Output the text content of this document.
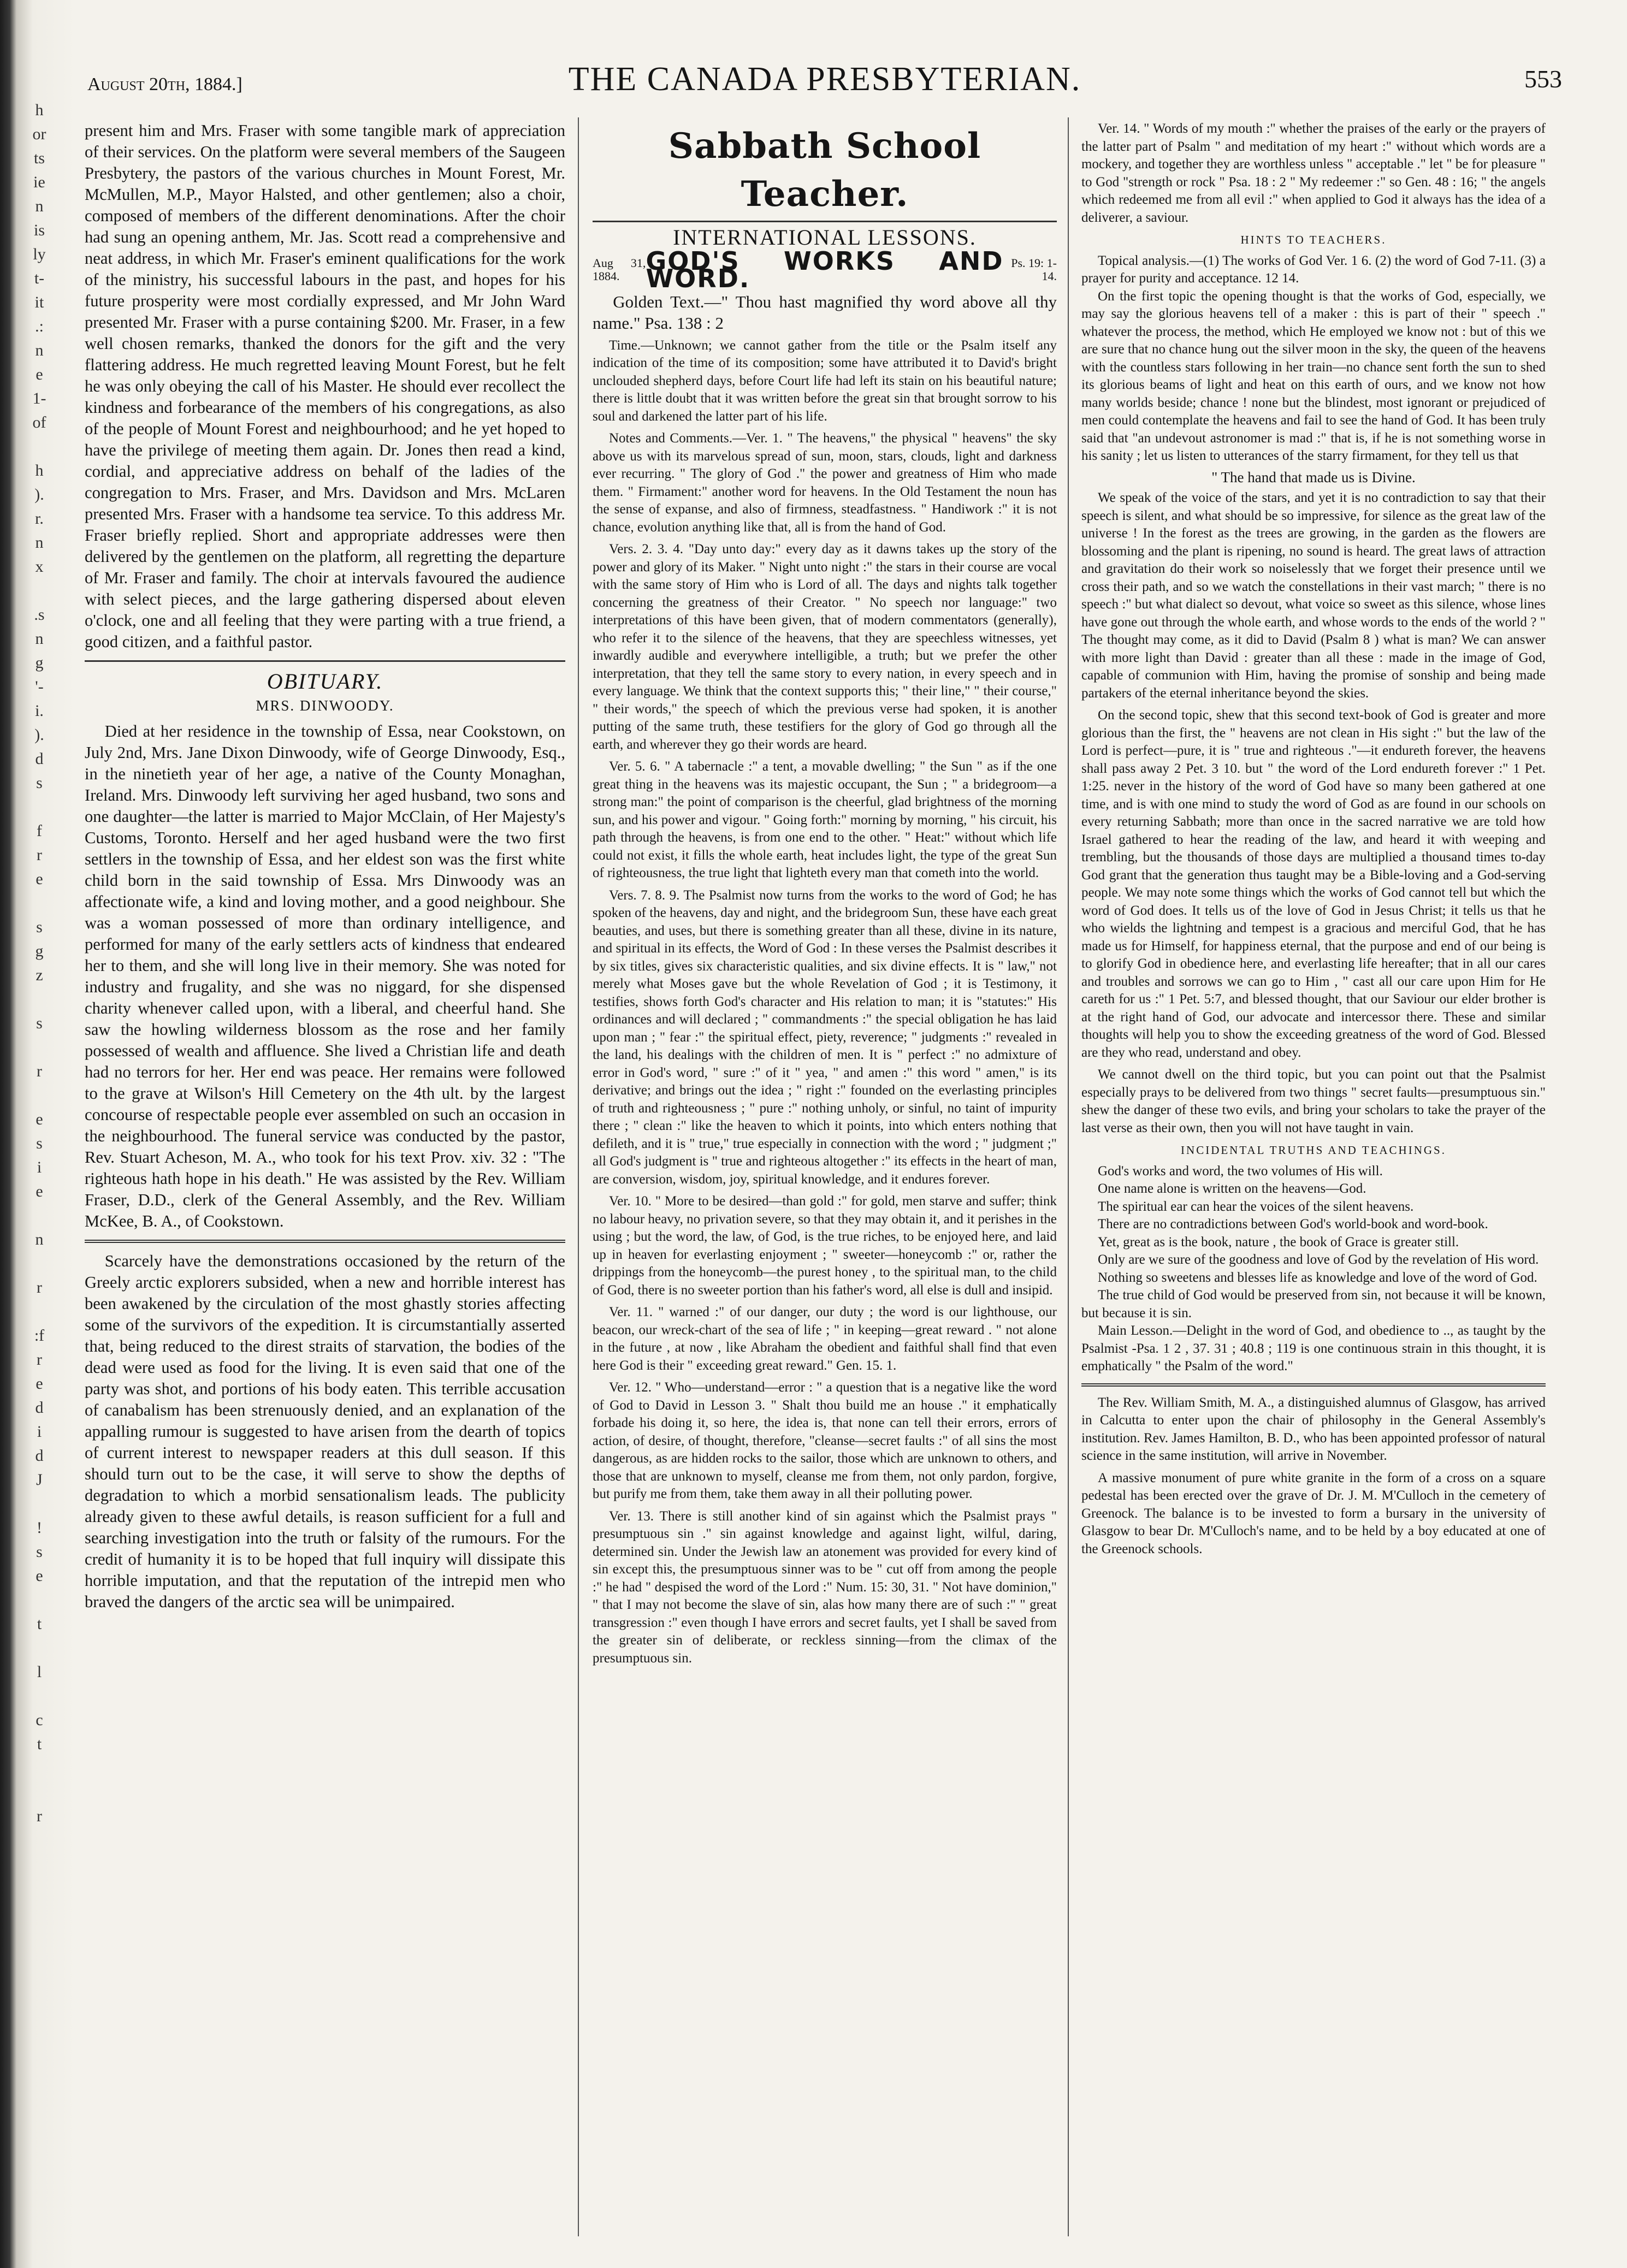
h
or
ts
ie
n
is
ly
t-
it
.:
n
e
1-
of

h
).
r.
n
x

.s
n
g
'-
i.
).
d
s

f
r
e

s
g
z

s

r

e
s
i
e

n

r

:f
r
e
d
i
d
J

!
s
e

t

l

c
t

r
August 20th, 1884.]	THE CANADA PRESBYTERIAN.	553

present him and Mrs. Fraser with some tangible mark of appreciation of their services. On the platform were several members of the Saugeen Presbytery, the pastors of the various churches in Mount Forest, Mr. McMullen, M.P., Mayor Halsted, and other gentlemen; also a choir, composed of members of the different denominations. After the choir had sung an opening anthem, Mr. Jas. Scott read a comprehensive and neat address, in which Mr. Fraser's eminent qualifications for the work of the ministry, his successful labours in the past, and hopes for his future prosperity were most cordially expressed, and Mr John Ward presented Mr. Fraser with a purse containing $200. Mr. Fraser, in a few well chosen remarks, thanked the donors for the gift and the very flattering address. He much regretted leaving Mount Forest, but he felt he was only obeying the call of his Master. He should ever recollect the kindness and forbearance of the members of his congregations, as also of the people of Mount Forest and neighbourhood; and he yet hoped to have the privilege of meeting them again. Dr. Jones then read a kind, cordial, and appreciative address on behalf of the ladies of the congregation to Mrs. Fraser, and Mrs. Davidson and Mrs. McLaren presented Mrs. Fraser with a handsome tea service. To this address Mr. Fraser briefly replied. Short and appropriate addresses were then delivered by the gentlemen on the platform, all regretting the departure of Mr. Fraser and family. The choir at intervals favoured the audience with select pieces, and the large gathering dispersed about eleven o'clock, one and all feeling that they were parting with a true friend, a good citizen, and a faithful pastor.

OBITUARY.
MRS. DINWOODY.

Died at her residence in the township of Essa, near Cookstown, on July 2nd, Mrs. Jane Dixon Dinwoody, wife of George Dinwoody, Esq., in the ninetieth year of her age, a native of the County Monaghan, Ireland. Mrs. Dinwoody left surviving her aged husband, two sons and one daughter—the latter is married to Major McClain, of Her Majesty's Customs, Toronto. Herself and her aged husband were the two first settlers in the township of Essa, and her eldest son was the first white child born in the said township of Essa. Mrs Dinwoody was an affectionate wife, a kind and loving mother, and a good neighbour. She was a woman possessed of more than ordinary intelligence, and performed for many of the early settlers acts of kindness that endeared her to them, and she will long live in their memory. She was noted for industry and frugality, and she was no niggard, for she dispensed charity whenever called upon, with a liberal, and cheerful hand. She saw the howling wilderness blossom as the rose and her family possessed of wealth and affluence. She lived a Christian life and death had no terrors for her. Her end was peace. Her remains were followed to the grave at Wilson's Hill Cemetery on the 4th ult. by the largest concourse of respectable people ever assembled on such an occasion in the neighbourhood. The funeral service was conducted by the pastor, Rev. Stuart Acheson, M. A., who took for his text Prov. xiv. 32 : "The righteous hath hope in his death." He was assisted by the Rev. William Fraser, D.D., clerk of the General Assembly, and the Rev. William McKee, B. A., of Cookstown.

Scarcely have the demonstrations occasioned by the return of the Greely arctic explorers subsided, when a new and horrible interest has been awakened by the circulation of the most ghastly stories affecting some of the survivors of the expedition. It is circumstantially asserted that, being reduced to the direst straits of starvation, the bodies of the dead were used as food for the living. It is even said that one of the party was shot, and portions of his body eaten. This terrible accusation of canabalism has been strenuously denied, and an explanation of the appalling rumour is suggested to have arisen from the dearth of topics of current interest to newspaper readers at this dull season. If this should turn out to be the case, it will serve to show the depths of degradation to which a morbid sensationalism leads. The publicity already given to these awful details, is reason sufficient for a full and searching investigation into the truth or falsity of the rumours. For the credit of humanity it is to be hoped that full inquiry will dissipate this horrible imputation, and that the reputation of the intrepid men who braved the dangers of the arctic sea will be unimpaired.

Sabbath School Teacher.
INTERNATIONAL LESSONS.
Aug 31, 1884.
GOD'S WORKS AND WORD.
Ps. 19: 1-14.

Golden Text.—" Thou hast magnified thy word above all thy name." Psa. 138 : 2

Time.—Unknown; we cannot gather from the title or the Psalm itself any indication of the time of its composition; some have attributed it to David's bright unclouded shepherd days, before Court life had left its stain on his beautiful nature; there is little doubt that it was written before the great sin that brought sorrow to his soul and darkened the latter part of his life.

Notes and Comments.—Ver. 1. " The heavens," the physical " heavens" the sky above us with its marvelous spread of sun, moon, stars, clouds, light and darkness ever recurring. " The glory of God ." the power and greatness of Him who made them. " Firmament:" another word for heavens. In the Old Testament the noun has the sense of expanse, and also of firmness, steadfastness. " Handiwork :" it is not chance, evolution anything like that, all is from the hand of God.

Vers. 2. 3. 4. "Day unto day:" every day as it dawns takes up the story of the power and glory of its Maker. " Night unto night :" the stars in their course are vocal with the same story of Him who is Lord of all. The days and nights talk together concerning the greatness of their Creator. " No speech nor language:" two interpretations of this have been given, that of modern commentators (generally), who refer it to the silence of the heavens, that they are speechless witnesses, yet inwardly audible and everywhere intelligible, a truth; but we prefer the other interpretation, that they tell the same story to every nation, in every speech and in every language. We think that the context supports this; " their line," " their course," " their words," the speech of which the previous verse had spoken, it is another putting of the same truth, these testifiers for the glory of God go through all the earth, and wherever they go their words are heard.

Ver. 5. 6. " A tabernacle :" a tent, a movable dwelling; " the Sun " as if the one great thing in the heavens was its majestic occupant, the Sun ; " a bridegroom—a strong man:" the point of comparison is the cheerful, glad brightness of the morning sun, and his power and vigour. " Going forth:" morning by morning, " his circuit, his path through the heavens, is from one end to the other. " Heat:" without which life could not exist, it fills the whole earth, heat includes light, the type of the great Sun of righteousness, the true light that lighteth every man that cometh into the world.

Vers. 7. 8. 9. The Psalmist now turns from the works to the word of God; he has spoken of the heavens, day and night, and the bridegroom Sun, these have each great beauties, and uses, but there is something greater than all these, divine in its nature, and spiritual in its effects, the Word of God : In these verses the Psalmist describes it by six titles, gives six characteristic qualities, and six divine effects. It is " law," not merely what Moses gave but the whole Revelation of God ; it is Testimony, it testifies, shows forth God's character and His relation to man; it is "statutes:" His ordinances and will declared ; " commandments :" the special obligation he has laid upon man ; " fear :" the spiritual effect, piety, reverence; " judgments :" revealed in the land, his dealings with the children of men. It is " perfect :" no admixture of error in God's word, " sure :" of it " yea, " and amen :" this word " amen," is its derivative; and brings out the idea ; " right :" founded on the everlasting principles of truth and righteousness ; " pure :" nothing unholy, or sinful, no taint of impurity there ; " clean :" like the heaven to which it points, into which enters nothing that defileth, and it is " true," true especially in connection with the word ; " judgment ;" all God's judgment is " true and righteous altogether :" its effects in the heart of man, are conversion, wisdom, joy, spiritual knowledge, and it endures forever.

Ver. 10. " More to be desired—than gold :" for gold, men starve and suffer; think no labour heavy, no privation severe, so that they may obtain it, and it perishes in the using ; but the word, the law, of God, is the true riches, to be enjoyed here, and laid up in heaven for everlasting enjoyment ; " sweeter—honeycomb :" or, rather the drippings from the honeycomb—the purest honey , to the spiritual man, to the child of God, there is no sweeter portion than his father's word, all else is dull and insipid.

Ver. 11. " warned :" of our danger, our duty ; the word is our lighthouse, our beacon, our wreck-chart of the sea of life ; " in keeping—great reward . " not alone in the future , at now , like Abraham the obedient and faithful shall find that even here God is their " exceeding great reward." Gen. 15. 1.

Ver. 12. " Who—understand—error : " a question that is a negative like the word of God to David in Lesson 3. " Shalt thou build me an house ." it emphatically forbade his doing it, so here, the idea is, that none can tell their errors, errors of action, of desire, of thought, therefore, "cleanse—secret faults :" of all sins the most dangerous, as are hidden rocks to the sailor, those which are unknown to others, and those that are unknown to myself, cleanse me from them, not only pardon, forgive, but purify me from them, take them away in all their polluting power.

Ver. 13. There is still another kind of sin against which the Psalmist prays " presumptuous sin ." sin against knowledge and against light, wilful, daring, determined sin. Under the Jewish law an atonement was provided for every kind of sin except this, the presumptuous sinner was to be " cut off from among the people :" he had " despised the word of the Lord :" Num. 15: 30, 31. " Not have dominion," " that I may not become the slave of sin, alas how many there are of such :" " great transgression :" even though I have errors and secret faults, yet I shall be saved from the greater sin of deliberate, or reckless sinning—from the climax of the presumptuous sin.

Ver. 14. " Words of my mouth :" whether the praises of the early or the prayers of the latter part of Psalm " and meditation of my heart :" without which words are a mockery, and together they are worthless unless " acceptable ." let " be for pleasure " to God "strength or rock " Psa. 18 : 2 " My redeemer :" so Gen. 48 : 16; " the angels which redeemed me from all evil :" when applied to God it always has the idea of a deliverer, a saviour.

HINTS TO TEACHERS.

Topical analysis.—(1) The works of God Ver. 1 6. (2) the word of God 7-11. (3) a prayer for purity and acceptance. 12 14.

On the first topic the opening thought is that the works of God, especially, we may say the glorious heavens tell of a maker : this is part of their " speech ." whatever the process, the method, which He employed we know not : but of this we are sure that no chance hung out the silver moon in the sky, the queen of the heavens with the countless stars following in her train—no chance sent forth the sun to shed its glorious beams of light and heat on this earth of ours, and we know not how many worlds beside; chance ! none but the blindest, most ignorant or prejudiced of men could contemplate the heavens and fail to see the hand of God. It has been truly said that "an undevout astronomer is mad :" that is, if he is not something worse in his sanity ; let us listen to utterances of the starry firmament, for they tell us that

" The hand that made us is Divine.

We speak of the voice of the stars, and yet it is no contradiction to say that their speech is silent, and what should be so impressive, for silence as the great law of the universe ! In the forest as the trees are growing, in the garden as the flowers are blossoming and the plant is ripening, no sound is heard. The great laws of attraction and gravitation do their work so noiselessly that we forget their presence until we cross their path, and so we watch the constellations in their vast march; " there is no speech :" but what dialect so devout, what voice so sweet as this silence, whose lines have gone out through the whole earth, and whose words to the ends of the world ? " The thought may come, as it did to David (Psalm 8 ) what is man? We can answer with more light than David : greater than all these : made in the image of God, capable of communion with Him, having the promise of sonship and being made partakers of the eternal inheritance beyond the skies.

On the second topic, shew that this second text-book of God is greater and more glorious than the first, the " heavens are not clean in His sight :" but the law of the Lord is perfect—pure, it is " true and righteous ."—it endureth forever, the heavens shall pass away 2 Pet. 3 10. but " the word of the Lord endureth forever :" 1 Pet. 1:25. never in the history of the word of God have so many been gathered at one time, and is with one mind to study the word of God as are found in our schools on every returning Sabbath; more than once in the sacred narrative we are told how Israel gathered to hear the reading of the law, and heard it with weeping and trembling, but the thousands of those days are multiplied a thousand times to-day God grant that the generation thus taught may be a Bible-loving and a God-serving people. We may note some things which the works of God cannot tell but which the word of God does. It tells us of the love of God in Jesus Christ; it tells us that he who wields the lightning and tempest is a gracious and merciful God, that he has made us for Himself, for happiness eternal, that the purpose and end of our being is to glorify God in obedience here, and everlasting life hereafter; that in all our cares and troubles and sorrows we can go to Him , " cast all our care upon Him for He careth for us :" 1 Pet. 5:7, and blessed thought, that our Saviour our elder brother is at the right hand of God, our advocate and intercessor there. These and similar thoughts will help you to show the exceeding greatness of the word of God. Blessed are they who read, understand and obey.

We cannot dwell on the third topic, but you can point out that the Psalmist especially prays to be delivered from two things " secret faults—presumptuous sin." shew the danger of these two evils, and bring your scholars to take the prayer of the last verse as their own, then you will not have taught in vain.

INCIDENTAL TRUTHS AND TEACHINGS.

God's works and word, the two volumes of His will.

One name alone is written on the heavens—God.

The spiritual ear can hear the voices of the silent heavens.

There are no contradictions between God's world-book and word-book.

Yet, great as is the book, nature , the book of Grace is greater still.

Only are we sure of the goodness and love of God by the revelation of His word.

Nothing so sweetens and blesses life as knowledge and love of the word of God.

The true child of God would be preserved from sin, not because it will be known, but because it is sin.

Main Lesson.—Delight in the word of God, and obedience to .., as taught by the Psalmist -Psa. 1 2 , 37. 31 ; 40.8 ; 119 is one continuous strain in this thought, it is emphatically " the Psalm of the word."

The Rev. William Smith, M. A., a distinguished alumnus of Glasgow, has arrived in Calcutta to enter upon the chair of philosophy in the General Assembly's institution. Rev. James Hamilton, B. D., who has been appointed professor of natural science in the same institution, will arrive in November.

A massive monument of pure white granite in the form of a cross on a square pedestal has been erected over the grave of Dr. J. M. M'Culloch in the cemetery of Greenock. The balance is to be invested to form a bursary in the university of Glasgow to bear Dr. M'Culloch's name, and to be held by a boy educated at one of the Greenock schools.
